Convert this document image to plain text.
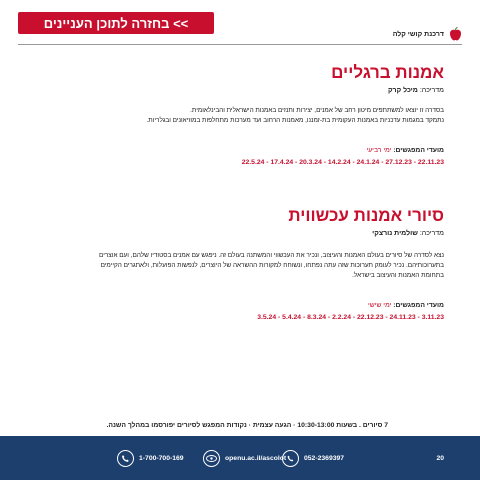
בחזרה לתוכן העניינים <<
דרכנת קושי קלה
אמנות ברגליים
מדריכה: מיכל קרק
בסדרה זו יוצאו למשתתפים מיטון רחב של אמנים, יצירות ותנזים באמנות הישראלית והבינלאומית.
נתמקד במגמות עדכניות באמנות העקומית בת-זמננו, מאמנות הרחוב ועד מערכות מתחלפות במוזיאונים ובגלריות.
מועדי המפגשים: ימי רביעי
22.11.23 - 27.12.23 - 24.1.24 - 14.2.24 - 20.3.24 - 17.4.24 - 22.5.24
סיורי אמנות עכשווית
מדריכה: שולמית נורצקי
נצא לסדרה של סיורים בעולם האמנות והעיצוב, ונכיר את העכשווי והמשתנה בעולם זה. ניפגש עם אמנים בסטודיו שלהם, ועם אוצרים
בתערוכותיהם. נכיר לעומק תערוכות שזה עתה נפתחו, ונשוחח למקורות ההשראה של היוצרים, לנפשות הפועלות, ולאתגרים הקיימים
בתחומת האמנות והעיצוב בישראל.
מועדי המפגשים: ימי שישי
3.11.23 - 24.11.23 - 22.12.23 - 2.2.24 - 8.3.24 - 5.4.24 - 3.5.24
7 סיורים . בשעות 10:30-13:00 · הגעה עצמית · נקודות המפגש לסיורים יפורסמו במהלך השנה.
20
052-2369397
openu.ac.il/ascolot
1-700-700-169
